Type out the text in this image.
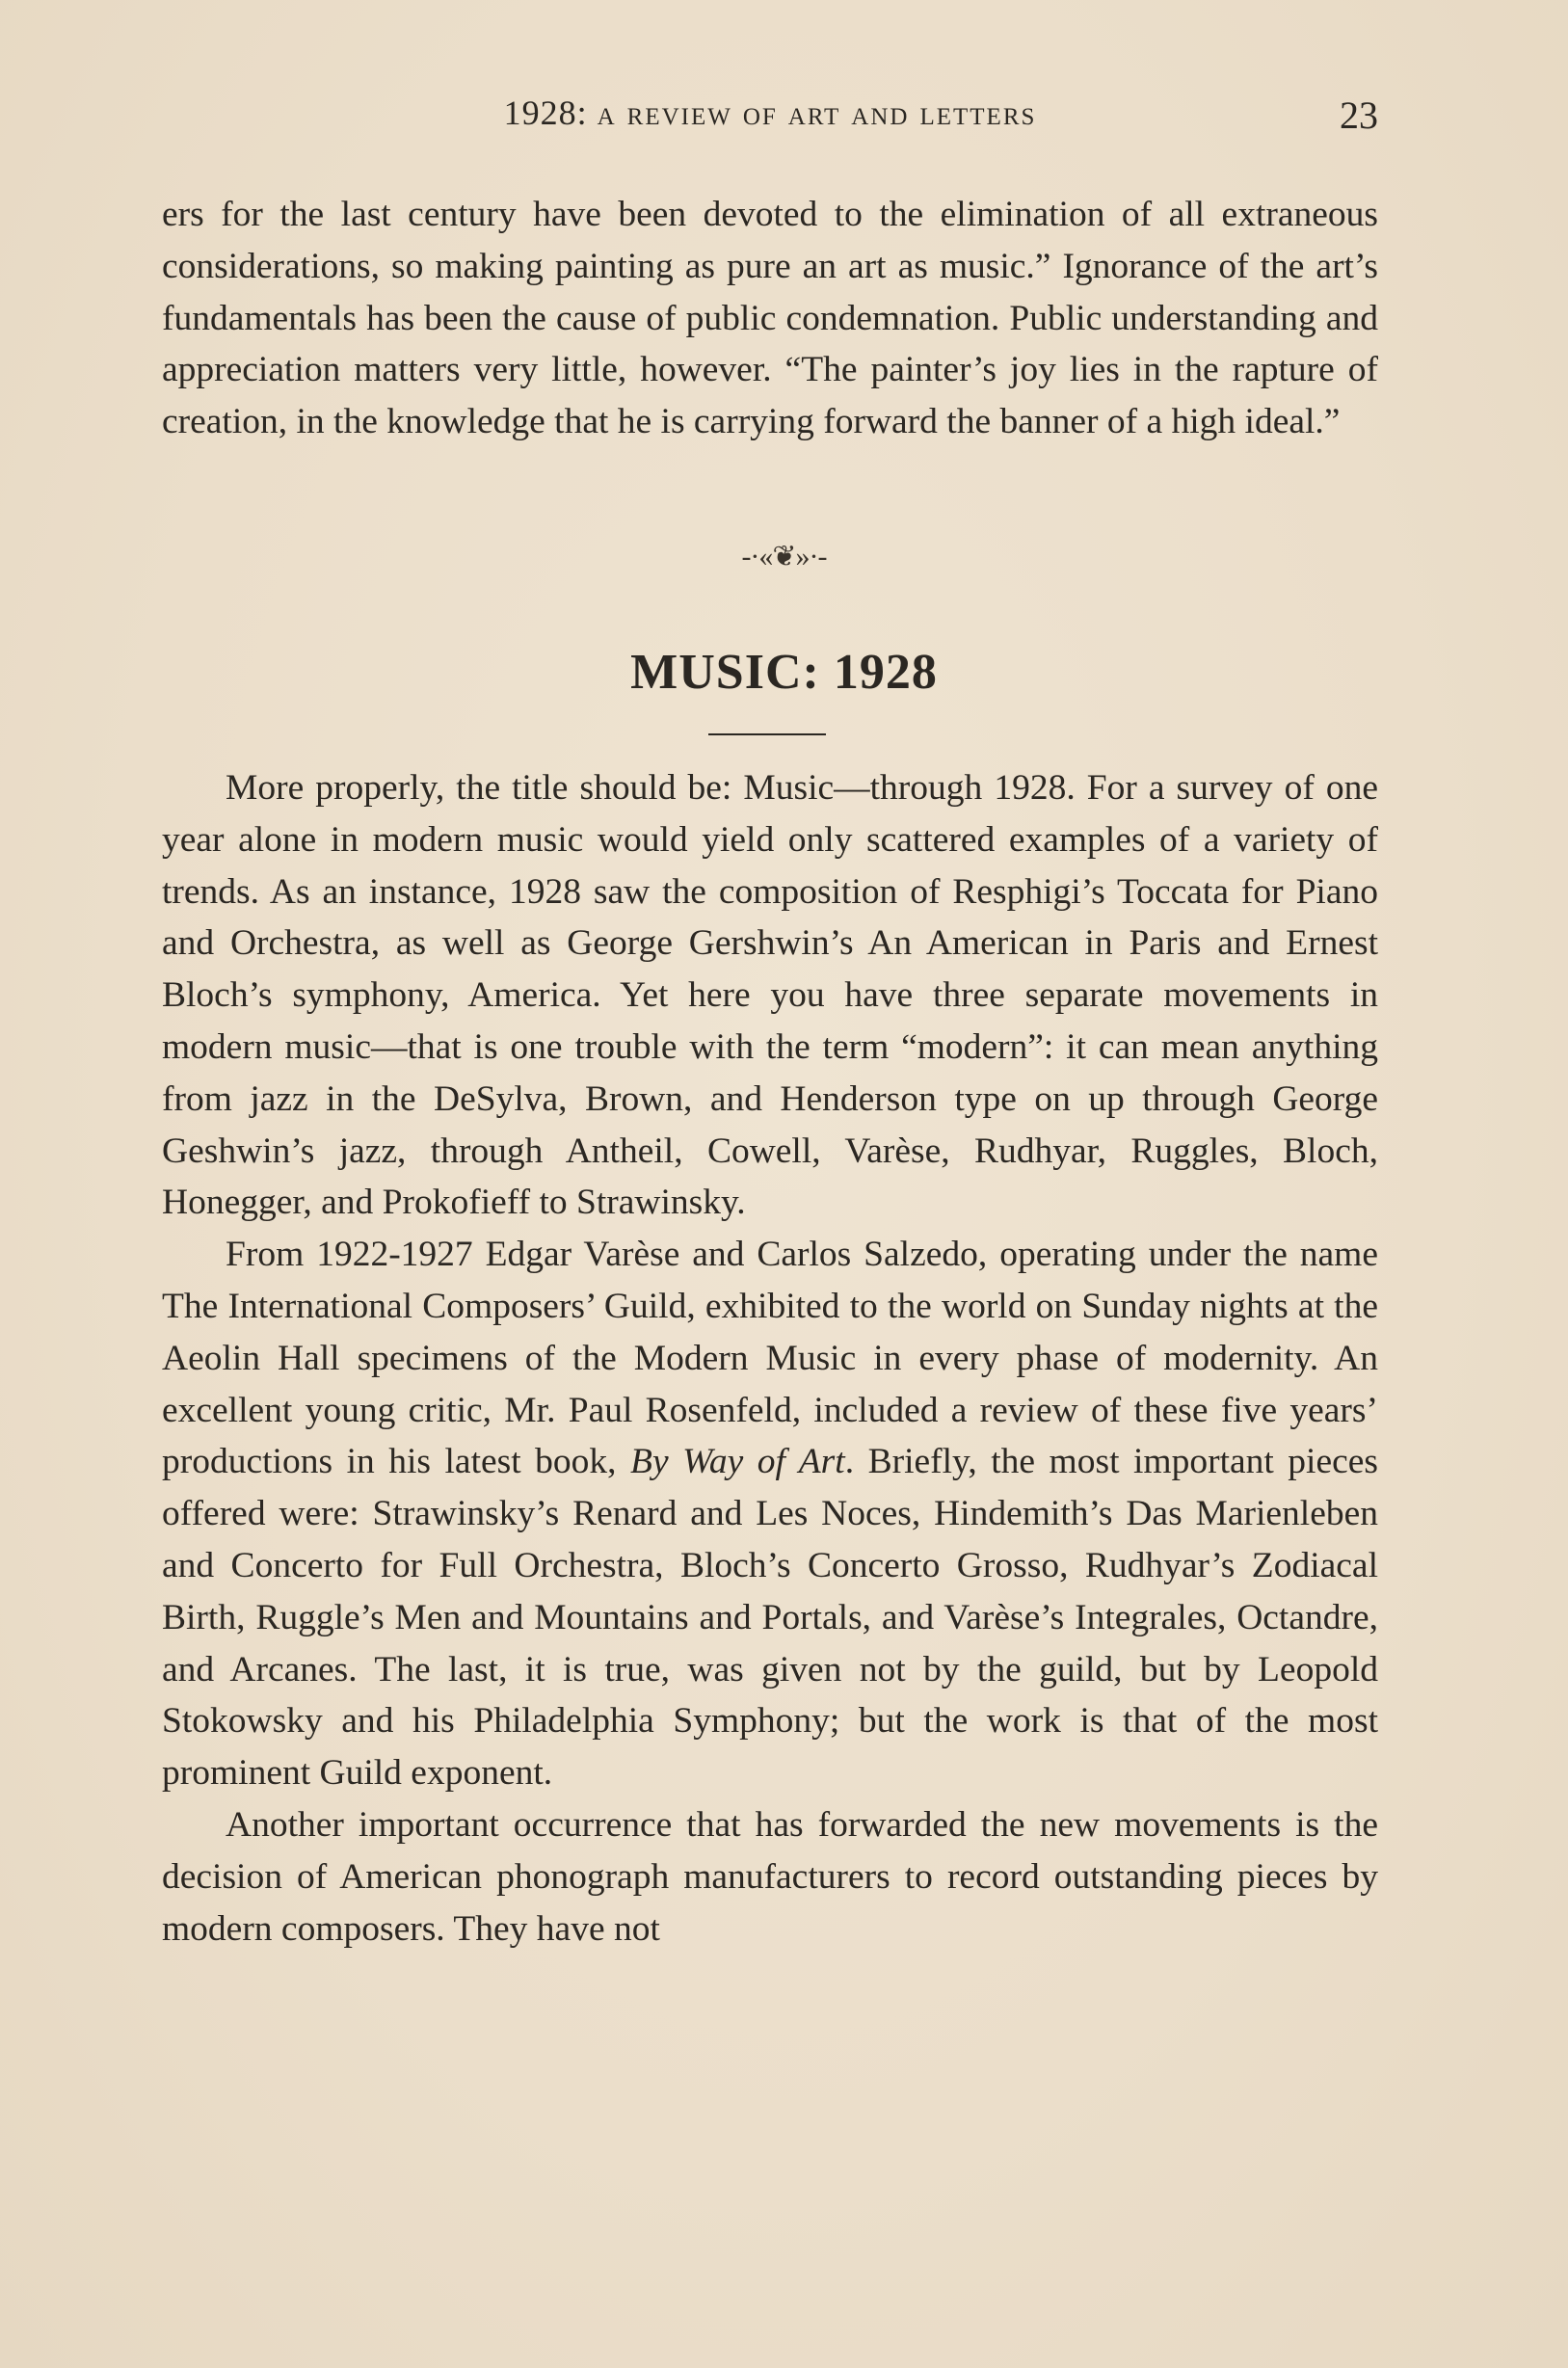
1928: a review of art and letters	23

ers for the last century have been devoted to the elimination of all extraneous considerations, so making painting as pure an art as music.” Ignorance of the art’s fundamentals has been the cause of public condemnation. Public understanding and appreciation matters very little, however. “The painter’s joy lies in the rapture of creation, in the knowledge that he is carrying forward the banner of a high ideal.”

-·«❦»·-
MUSIC: 1928

More properly, the title should be: Music—through 1928. For a survey of one year alone in modern music would yield only scattered examples of a variety of trends. As an instance, 1928 saw the composition of Resphigi’s Toccata for Piano and Orchestra, as well as George Gershwin’s An American in Paris and Ernest Bloch’s symphony, America. Yet here you have three separate movements in modern music—that is one trouble with the term “modern”: it can mean anything from jazz in the DeSylva, Brown, and Henderson type on up through George Geshwin’s jazz, through Antheil, Cowell, Varèse, Rudhyar, Ruggles, Bloch, Honegger, and Prokofieff to Strawinsky.

From 1922-1927 Edgar Varèse and Carlos Salzedo, operating under the name The International Composers’ Guild, exhibited to the world on Sunday nights at the Aeolin Hall specimens of the Modern Music in every phase of modernity. An excellent young critic, Mr. Paul Rosenfeld, included a review of these five years’ productions in his latest book, By Way of Art. Briefly, the most important pieces offered were: Strawinsky’s Renard and Les Noces, Hindemith’s Das Marienleben and Concerto for Full Orchestra, Bloch’s Concerto Grosso, Rudhyar’s Zodiacal Birth, Ruggle’s Men and Mountains and Portals, and Varèse’s Integrales, Octandre, and Arcanes. The last, it is true, was given not by the guild, but by Leopold Stokowsky and his Philadelphia Symphony; but the work is that of the most prominent Guild exponent.

Another important occurrence that has forwarded the new movements is the decision of American phonograph manufacturers to record outstanding pieces by modern composers. They have not
